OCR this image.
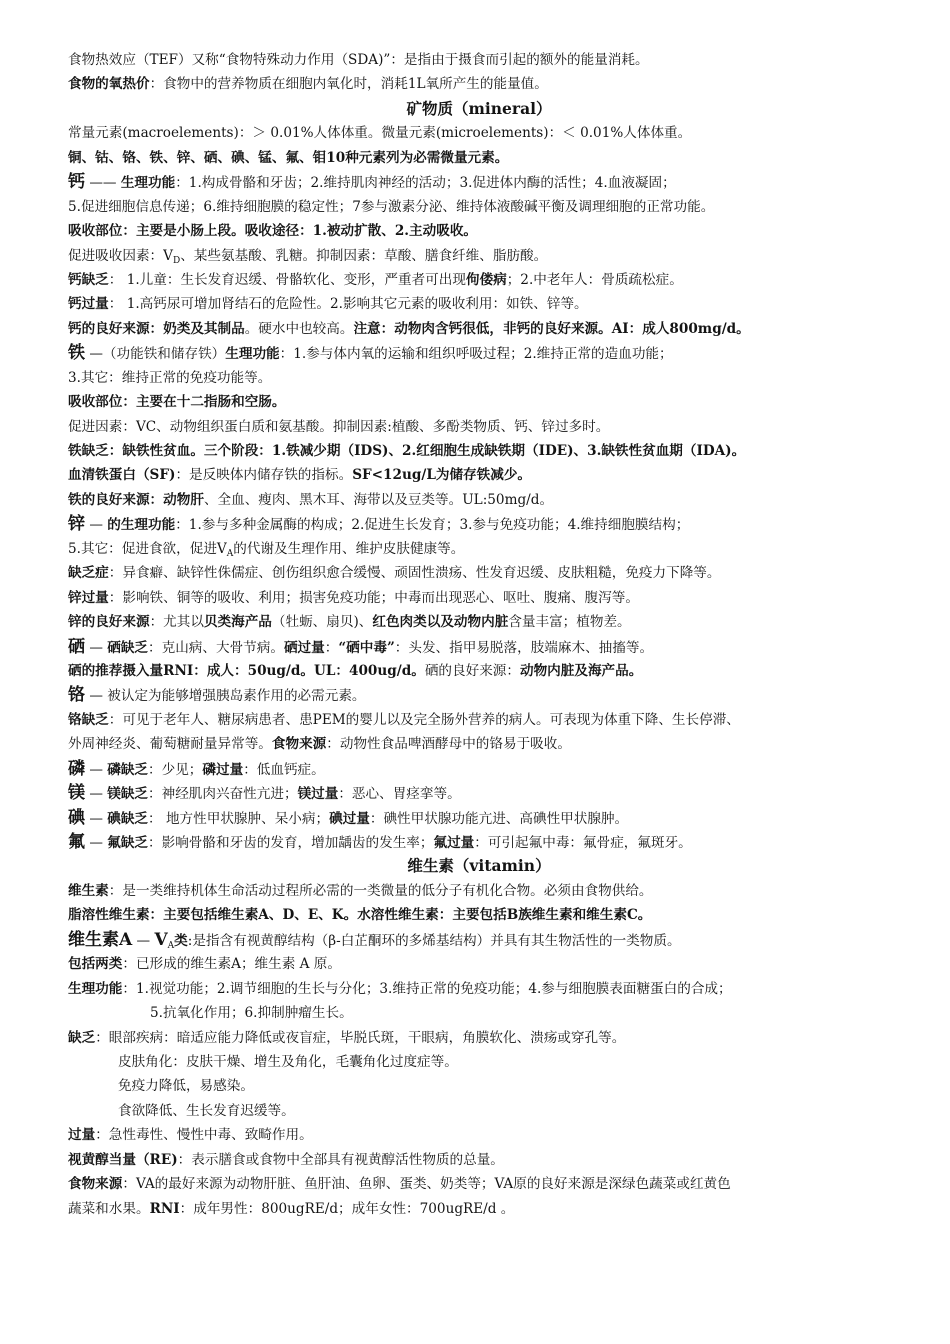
食物热效应（TEF）又称“食物特殊动力作用（SDA)”：是指由于摄食而引起的额外的能量消耗。
食物的氧热价：食物中的营养物质在细胞内氧化时，消耗1L氧所产生的能量值。
矿物质（mineral）
常量元素(macroelements)：＞ 0.01%人体体重。微量元素(microelements)：＜ 0.01%人体体重。
铜、钴、铬、铁、锌、硒、碘、锰、氟、钼10种元素列为必需微量元素。
钙 —— 生理功能：1.构成骨骼和牙齿；2.维持肌肉神经的活动；3.促进体内酶的活性；4.血液凝固；
5.促进细胞信息传递；6.维持细胞膜的稳定性；7参与激素分泌、维持体液酸碱平衡及调理细胞的正常功能。
吸收部位：主要是小肠上段。吸收途径：1.被动扩散、2.主动吸收。
促进吸收因素：$V_D$、某些氨基酸、乳糖。抑制因素：草酸、膳食纤维、脂肪酸。
钙缺乏： 1.儿童：生长发育迟缓、骨骼软化、变形，严重者可出现佝偻病；2.中老年人：骨质疏松症。
钙过量： 1.高钙尿可增加肾结石的危险性。2.影响其它元素的吸收利用：如铁、锌等。
钙的良好来源：奶类及其制品。硬水中也较高。注意：动物肉含钙很低，非钙的良好来源。AI：成人800mg/d。
铁 —（功能铁和储存铁）生理功能：1.参与体内氧的运输和组织呼吸过程；2.维持正常的造血功能；
3.其它：维持正常的免疫功能等。
吸收部位：主要在十二指肠和空肠。
促进因素：VC、动物组织蛋白质和氨基酸。抑制因素:植酸、多酚类物质、钙、锌过多时。
铁缺乏：缺铁性贫血。三个阶段：1.铁减少期（IDS)、2.红细胞生成缺铁期（IDE)、3.缺铁性贫血期（IDA)。
血清铁蛋白（SF)：是反映体内储存铁的指标。SF<12ug/L为储存铁减少。
铁的良好来源：动物肝、全血、瘦肉、黑木耳、海带以及豆类等。UL:50mg/d。
锌 — 的生理功能：1.参与多种金属酶的构成；2.促进生长发育；3.参与免疫功能；4.维持细胞膜结构；
5.其它：促进食欲，促进$V_A$的代谢及生理作用、维护皮肤健康等。
缺乏症：异食癖、缺锌性侏儒症、创伤组织愈合缓慢、顽固性溃疡、性发育迟缓、皮肤粗糙，免疫力下降等。
锌过量：影响铁、铜等的吸收、利用；损害免疫功能；中毒而出现恶心、呕吐、腹痛、腹泻等。
锌的良好来源：尤其以贝类海产品（牡蛎、扇贝)、红色肉类以及动物内脏含量丰富；植物差。
硒 — 硒缺乏：克山病、大骨节病。硒过量：“硒中毒”：头发、指甲易脱落，肢端麻木、抽搐等。
硒的推荐摄入量RNI：成人：50ug/d。UL：400ug/d。硒的良好来源：动物内脏及海产品。
铬 — 被认定为能够增强胰岛素作用的必需元素。
铬缺乏：可见于老年人、糖尿病患者、患PEM的婴儿以及完全肠外营养的病人。可表现为体重下降、生长停滞、
外周神经炎、葡萄糖耐量异常等。食物来源：动物性食品啤酒酵母中的铬易于吸收。
磷 — 磷缺乏：少见；磷过量：低血钙症。
镁 — 镁缺乏：神经肌肉兴奋性亢进；镁过量：恶心、胃痉挛等。
碘 — 碘缺乏： 地方性甲状腺肿、呆小病；碘过量：碘性甲状腺功能亢进、高碘性甲状腺肿。
氟 — 氟缺乏：影响骨骼和牙齿的发育，增加龋齿的发生率；氟过量：可引起氟中毒：氟骨症，氟斑牙。
维生素（vitamin）
维生素：是一类维持机体生命活动过程所必需的一类微量的低分子有机化合物。必须由食物供给。
脂溶性维生素：主要包括维生素A、D、E、K。水溶性维生素：主要包括B族维生素和维生素C。
维生素A — $V_A$类:是指含有视黄醇结构（β-白芷酮环的多烯基结构）并具有其生物活性的一类物质。
包括两类：已形成的维生素A；维生素 A 原。
生理功能：1.视觉功能；2.调节细胞的生长与分化；3.维持正常的免疫功能；4.参与细胞膜表面糖蛋白的合成；
5.抗氧化作用；6.抑制肿瘤生长。
缺乏：眼部疾病：暗适应能力降低或夜盲症，毕脱氏斑，干眼病，角膜软化、溃疡或穿孔等。
皮肤角化：皮肤干燥、增生及角化，毛囊角化过度症等。
免疫力降低，易感染。
食欲降低、生长发育迟缓等。
过量：急性毒性、慢性中毒、致畸作用。
视黄醇当量（RE)：表示膳食或食物中全部具有视黄醇活性物质的总量。
食物来源：VA的最好来源为动物肝脏、鱼肝油、鱼卵、蛋类、奶类等；VA原的良好来源是深绿色蔬菜或红黄色
蔬菜和水果。RNI：成年男性：800ugRE/d；成年女性：700ugRE/d 。
